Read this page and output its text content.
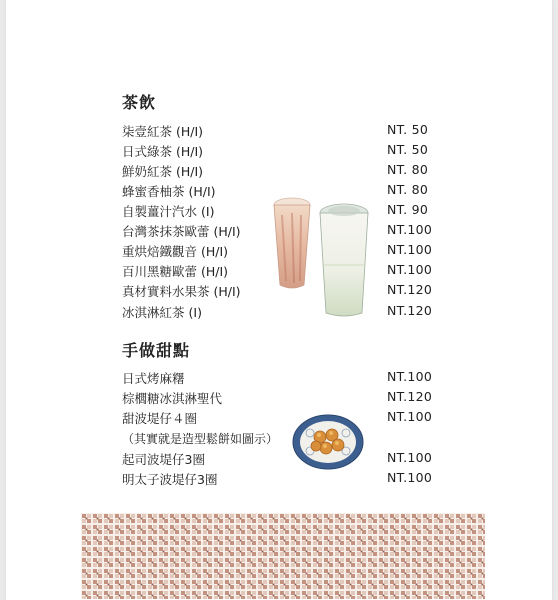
茶飲
柒壹紅茶 (H/I)	NT. 50
日式綠茶 (H/I)	NT. 50
鮮奶紅茶 (H/I)	NT. 80
蜂蜜香柚茶 (H/I)	NT. 80
自製薑汁汽水 (I)	NT. 90
台灣茶抹茶歐蕾 (H/I)	NT.100
重烘焙鐵觀音 (H/I)	NT.100
百川黑糖歐蕾 (H/I)	NT.100
真材實料水果茶 (H/I)	NT.120
冰淇淋紅茶 (I)	NT.120
手做甜點
日式烤麻糬	NT.100
棕櫚糖冰淇淋聖代	NT.120
甜波堤仔４圈	NT.100
（其實就是造型鬆餅如圖示）
起司波堤仔3圈	NT.100
明太子波堤仔3圈	NT.100
